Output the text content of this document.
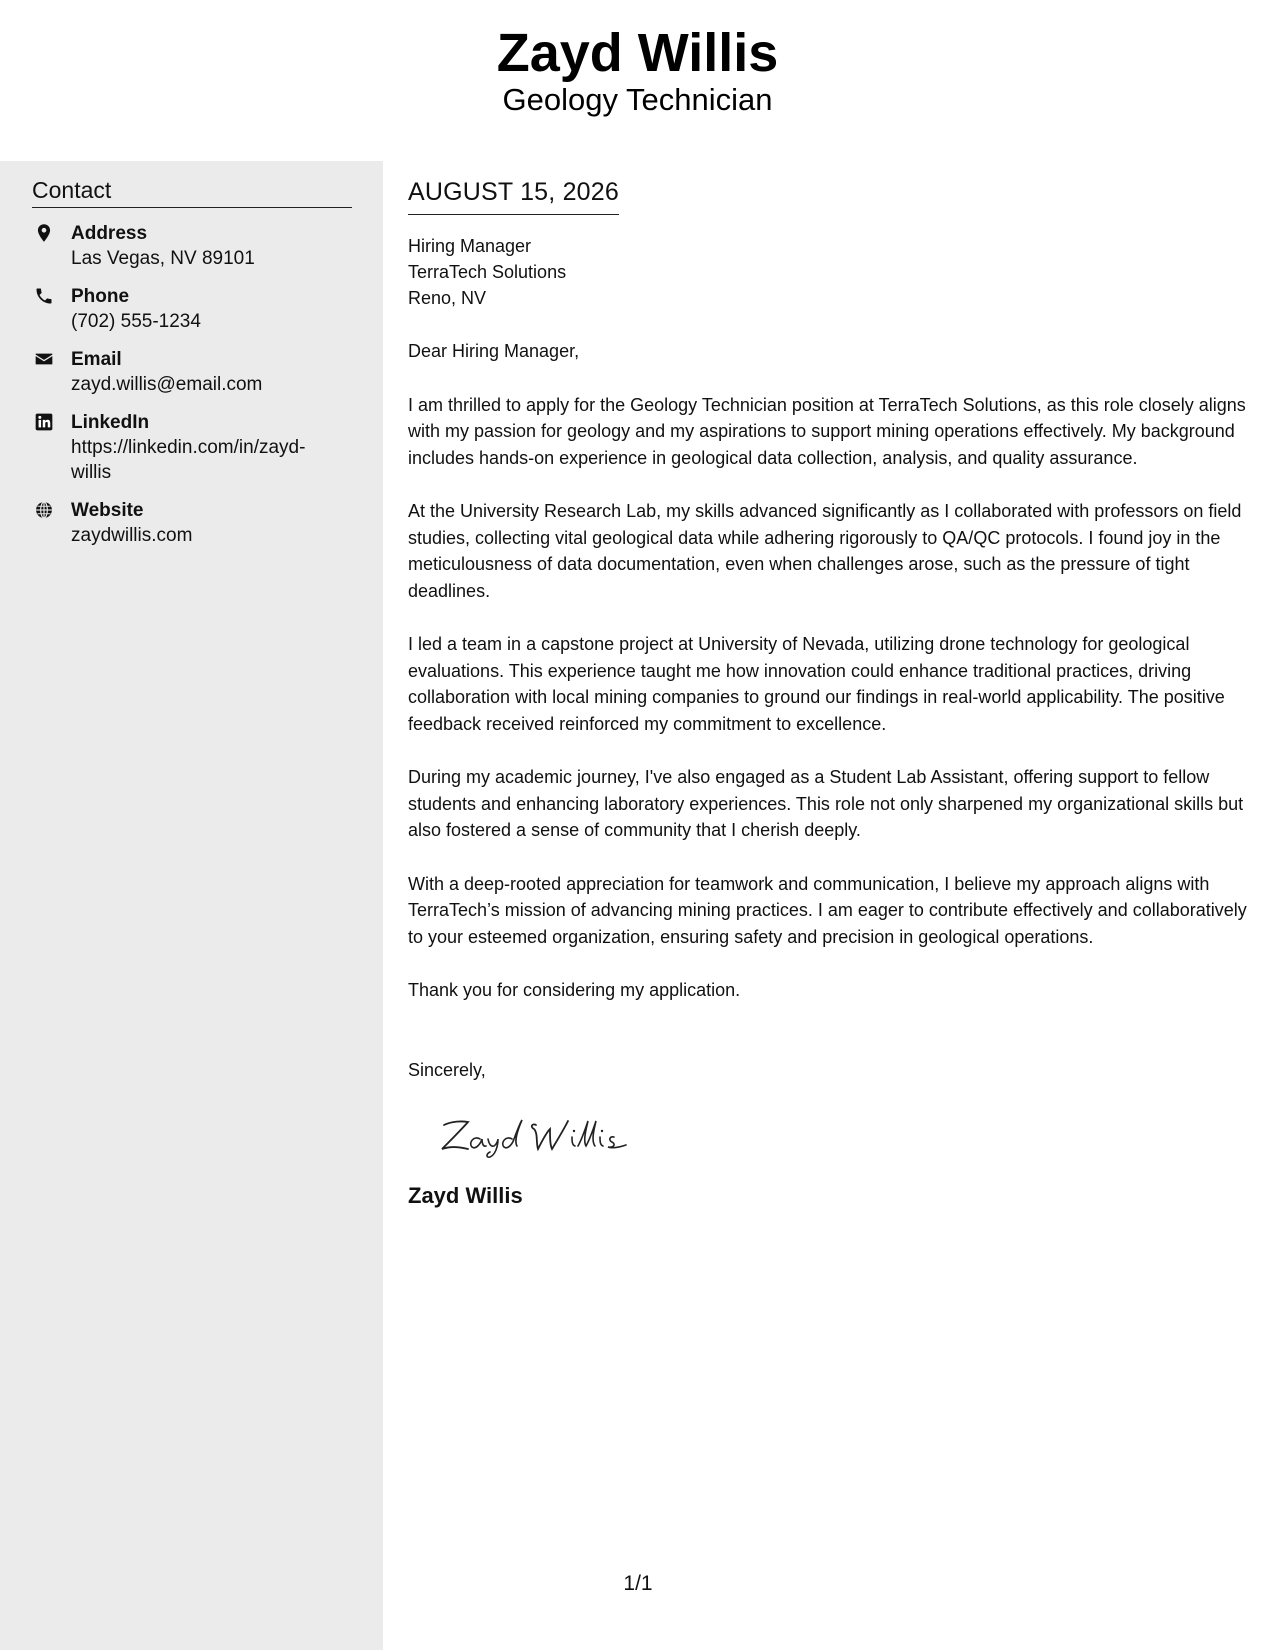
Zayd Willis
Geology Technician
Contact
Address
Las Vegas, NV 89101
Phone
(702) 555-1234
Email
zayd.willis@email.com
LinkedIn
https://linkedin.com/in/zayd-willis
Website
zaydwillis.com
AUGUST 15, 2026
Hiring Manager
TerraTech Solutions
Reno, NV
Dear Hiring Manager,
I am thrilled to apply for the Geology Technician position at TerraTech Solutions, as this role closely aligns with my passion for geology and my aspirations to support mining operations effectively. My background includes hands-on experience in geological data collection, analysis, and quality assurance.
At the University Research Lab, my skills advanced significantly as I collaborated with professors on field studies, collecting vital geological data while adhering rigorously to QA/QC protocols. I found joy in the meticulousness of data documentation, even when challenges arose, such as the pressure of tight deadlines.
I led a team in a capstone project at University of Nevada, utilizing drone technology for geological evaluations. This experience taught me how innovation could enhance traditional practices, driving collaboration with local mining companies to ground our findings in real-world applicability. The positive feedback received reinforced my commitment to excellence.
During my academic journey, I've also engaged as a Student Lab Assistant, offering support to fellow students and enhancing laboratory experiences. This role not only sharpened my organizational skills but also fostered a sense of community that I cherish deeply.
With a deep-rooted appreciation for teamwork and communication, I believe my approach aligns with TerraTech’s mission of advancing mining practices. I am eager to contribute effectively and collaboratively to your esteemed organization, ensuring safety and precision in geological operations.
Thank you for considering my application.
Sincerely,
Zayd Willis
1/1
